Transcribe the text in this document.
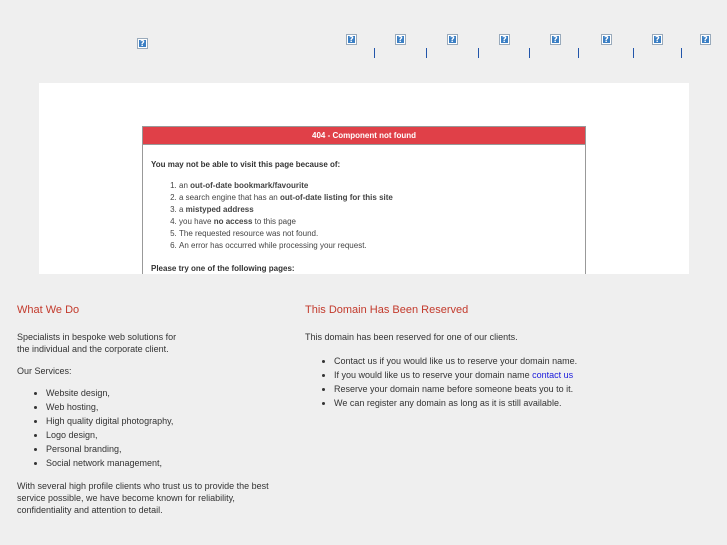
?	?	?	?	?	?	?	?	?
404 - Component not found

You may not be able to visit this page because of:

1. an out-of-date bookmark/favourite
2. a search engine that has an out-of-date listing for this site
3. a mistyped address
4. you have no access to this page
5. The requested resource was not found.
6. An error has occurred while processing your request.

Please try one of the following pages:

What We Do

Specialists in bespoke web solutions for
the individual and the corporate client.

Our Services:

• Website design,
• Web hosting,
• High quality digital photography,
• Logo design,
• Personal branding,
• Social network management,

With several high profile clients who trust us to provide the best
service possible, we have become known for reliability,
confidentiality and attention to detail.

This Domain Has Been Reserved

This domain has been reserved for one of our clients.

• Contact us if you would like us to reserve your domain name.
• If you would like us to reserve your domain name contact us
• Reserve your domain name before someone beats you to it.
• We can register any domain as long as it is still available.
